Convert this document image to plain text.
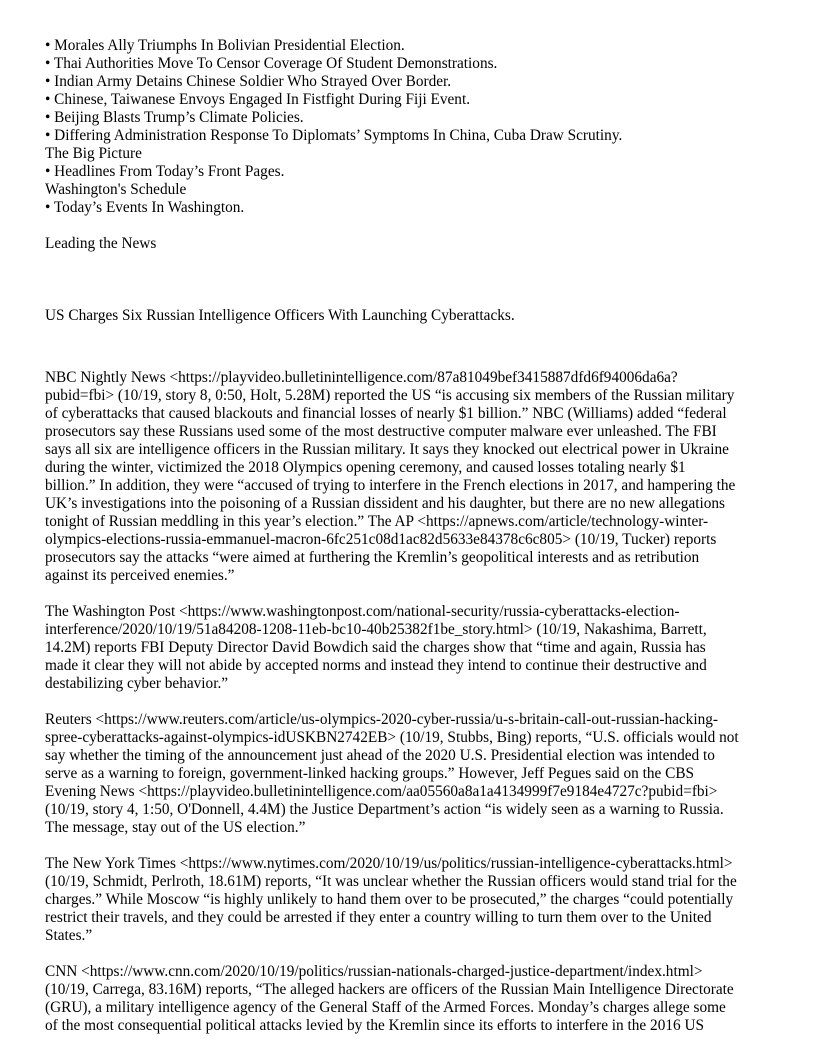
• Morales Ally Triumphs In Bolivian Presidential Election.
• Thai Authorities Move To Censor Coverage Of Student Demonstrations.
• Indian Army Detains Chinese Soldier Who Strayed Over Border.
• Chinese, Taiwanese Envoys Engaged In Fistfight During Fiji Event.
• Beijing Blasts Trump’s Climate Policies.
• Differing Administration Response To Diplomats’ Symptoms In China, Cuba Draw Scrutiny.
The Big Picture
• Headlines From Today’s Front Pages.
Washington's Schedule
• Today’s Events In Washington.
Leading the News
US Charges Six Russian Intelligence Officers With Launching Cyberattacks.
NBC Nightly News <https://playvideo.bulletinintelligence.com/87a81049bef3415887dfd6f94006da6a?
pubid=fbi> (10/19, story 8, 0:50, Holt, 5.28M) reported the US “is accusing six members of the Russian military
of cyberattacks that caused blackouts and financial losses of nearly $1 billion.” NBC (Williams) added “federal
prosecutors say these Russians used some of the most destructive computer malware ever unleashed. The FBI
says all six are intelligence officers in the Russian military. It says they knocked out electrical power in Ukraine
during the winter, victimized the 2018 Olympics opening ceremony, and caused losses totaling nearly $1
billion.” In addition, they were “accused of trying to interfere in the French elections in 2017, and hampering the
UK’s investigations into the poisoning of a Russian dissident and his daughter, but there are no new allegations
tonight of Russian meddling in this year’s election.” The AP <https://apnews.com/article/technology-winter-
olympics-elections-russia-emmanuel-macron-6fc251c08d1ac82d5633e84378c6c805> (10/19, Tucker) reports
prosecutors say the attacks “were aimed at furthering the Kremlin’s geopolitical interests and as retribution
against its perceived enemies.”
The Washington Post <https://www.washingtonpost.com/national-security/russia-cyberattacks-election-
interference/2020/10/19/51a84208-1208-11eb-bc10-40b25382f1be_story.html> (10/19, Nakashima, Barrett,
14.2M) reports FBI Deputy Director David Bowdich said the charges show that “time and again, Russia has
made it clear they will not abide by accepted norms and instead they intend to continue their destructive and
destabilizing cyber behavior.”
Reuters <https://www.reuters.com/article/us-olympics-2020-cyber-russia/u-s-britain-call-out-russian-hacking-
spree-cyberattacks-against-olympics-idUSKBN2742EB> (10/19, Stubbs, Bing) reports, “U.S. officials would not
say whether the timing of the announcement just ahead of the 2020 U.S. Presidential election was intended to
serve as a warning to foreign, government-linked hacking groups.” However, Jeff Pegues said on the CBS
Evening News <https://playvideo.bulletinintelligence.com/aa05560a8a1a4134999f7e9184e4727c?pubid=fbi>
(10/19, story 4, 1:50, O'Donnell, 4.4M) the Justice Department’s action “is widely seen as a warning to Russia.
The message, stay out of the US election.”
The New York Times <https://www.nytimes.com/2020/10/19/us/politics/russian-intelligence-cyberattacks.html>
(10/19, Schmidt, Perlroth, 18.61M) reports, “It was unclear whether the Russian officers would stand trial for the
charges.” While Moscow “is highly unlikely to hand them over to be prosecuted,” the charges “could potentially
restrict their travels, and they could be arrested if they enter a country willing to turn them over to the United
States.”
CNN <https://www.cnn.com/2020/10/19/politics/russian-nationals-charged-justice-department/index.html>
(10/19, Carrega, 83.16M) reports, “The alleged hackers are officers of the Russian Main Intelligence Directorate
(GRU), a military intelligence agency of the General Staff of the Armed Forces. Monday’s charges allege some
of the most consequential political attacks levied by the Kremlin since its efforts to interfere in the 2016 US
